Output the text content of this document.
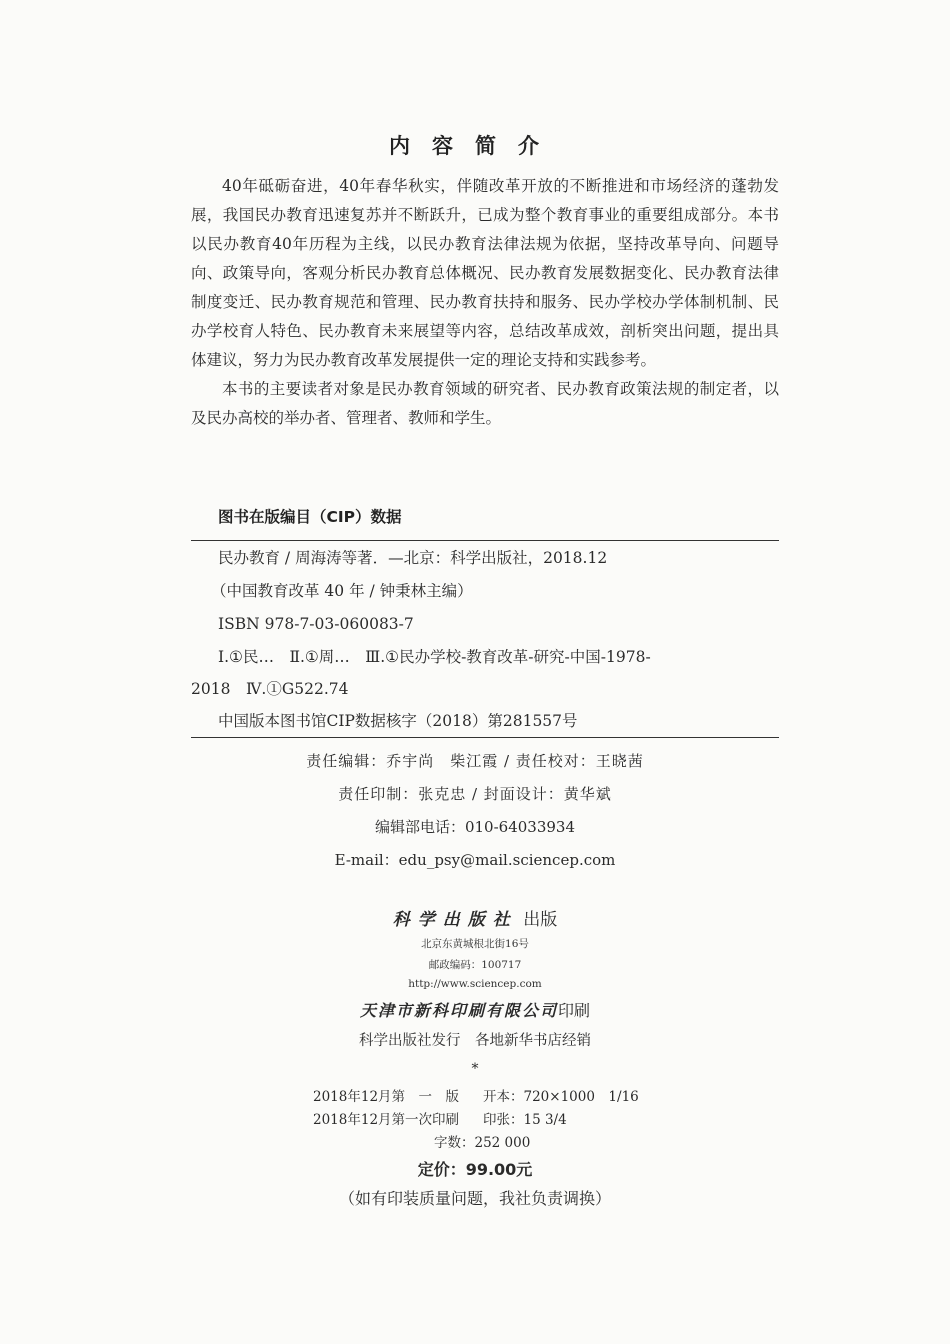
内容简介

40年砥砺奋进，40年春华秋实，伴随改革开放的不断推进和市场经济的蓬勃发展，我国民办教育迅速复苏并不断跃升，已成为整个教育事业的重要组成部分。本书以民办教育40年历程为主线，以民办教育法律法规为依据，坚持改革导向、问题导向、政策导向，客观分析民办教育总体概况、民办教育发展数据变化、民办教育法律制度变迁、民办教育规范和管理、民办教育扶持和服务、民办学校办学体制机制、民办学校育人特色、民办教育未来展望等内容，总结改革成效，剖析突出问题，提出具体建议，努力为民办教育改革发展提供一定的理论支持和实践参考。

本书的主要读者对象是民办教育领域的研究者、民办教育政策法规的制定者，以及民办高校的举办者、管理者、教师和学生。

图书在版编目（CIP）数据
民办教育 / 周海涛等著．—北京：科学出版社，2018.12
（中国教育改革 40 年 / 钟秉林主编）
ISBN 978-7-03-060083-7
Ⅰ.①民…　Ⅱ.①周…　Ⅲ.①民办学校-教育改革-研究-中国-1978-
2018　Ⅳ.①G522.74
中国版本图书馆CIP数据核字（2018）第281557号
责任编辑：乔宇尚　柴江霞 / 责任校对：王晓茜
责任印制：张克忠 / 封面设计：黄华斌
编辑部电话：010-64033934
E-mail：edu_psy@mail.sciencep.com
科学出版社 出版
北京东黄城根北街16号
邮政编码：100717
http://www.sciencep.com
天津市新科印刷有限公司印刷
科学出版社发行　各地新华书店经销
*
2018年12月第　一　版 开本：720×1000　1/16
2018年12月第一次印刷 印张：15 3/4
字数：252 000
定价：99.00元
（如有印装质量问题，我社负责调换）
